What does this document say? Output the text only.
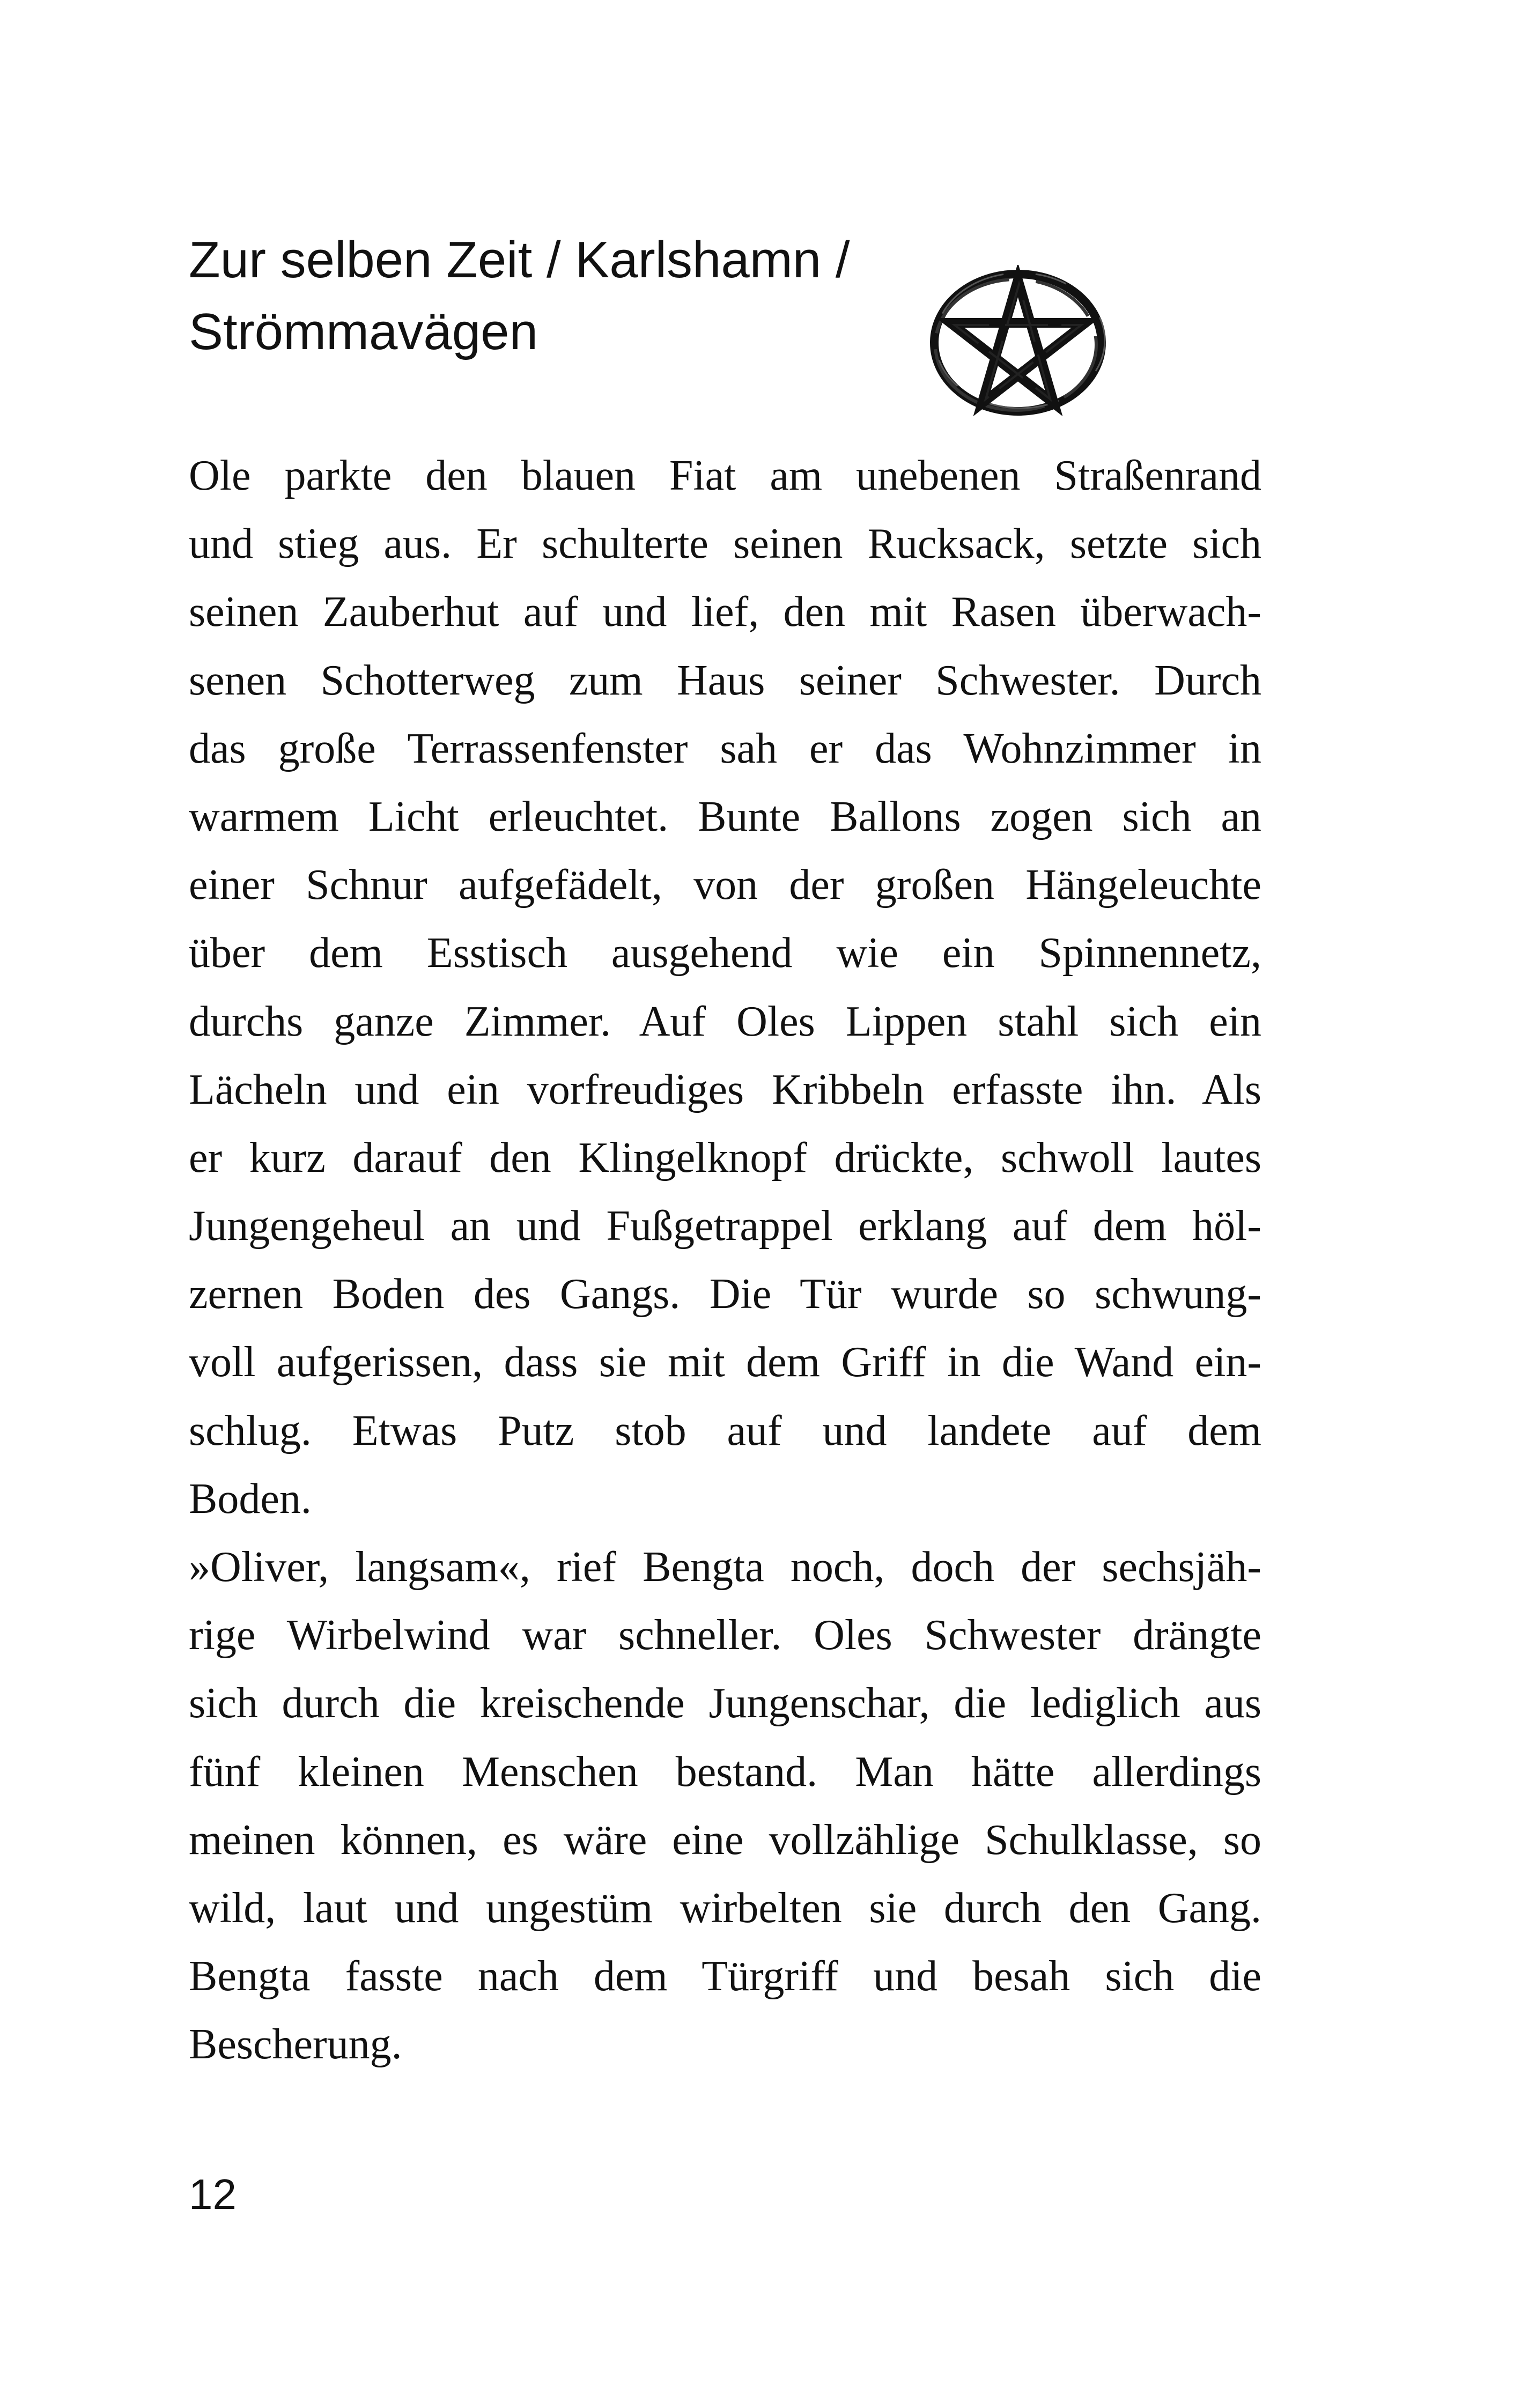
Zur selben Zeit / Karlshamn /
Strömmavägen
Ole parkte den blauen Fiat am unebenen Straßenrand
und stieg aus. Er schulterte seinen Rucksack, setzte sich
seinen Zauberhut auf und lief, den mit Rasen überwach-
senen Schotterweg zum Haus seiner Schwester. Durch
das große Terrassenfenster sah er das Wohnzimmer in
warmem Licht erleuchtet. Bunte Ballons zogen sich an
einer Schnur aufgefädelt, von der großen Hängeleuchte
über dem Esstisch ausgehend wie ein Spinnennetz,
durchs ganze Zimmer. Auf Oles Lippen stahl sich ein
Lächeln und ein vorfreudiges Kribbeln erfasste ihn. Als
er kurz darauf den Klingelknopf drückte, schwoll lautes
Jungengeheul an und Fußgetrappel erklang auf dem höl-
zernen Boden des Gangs. Die Tür wurde so schwung-
voll aufgerissen, dass sie mit dem Griff in die Wand ein-
schlug. Etwas Putz stob auf und landete auf dem
Boden.
»Oliver, langsam«, rief Bengta noch, doch der sechsjäh-
rige Wirbelwind war schneller. Oles Schwester drängte
sich durch die kreischende Jungenschar, die lediglich aus
fünf kleinen Menschen bestand. Man hätte allerdings
meinen können, es wäre eine vollzählige Schulklasse, so
wild, laut und ungestüm wirbelten sie durch den Gang.
Bengta fasste nach dem Türgriff und besah sich die
Bescherung.
12
